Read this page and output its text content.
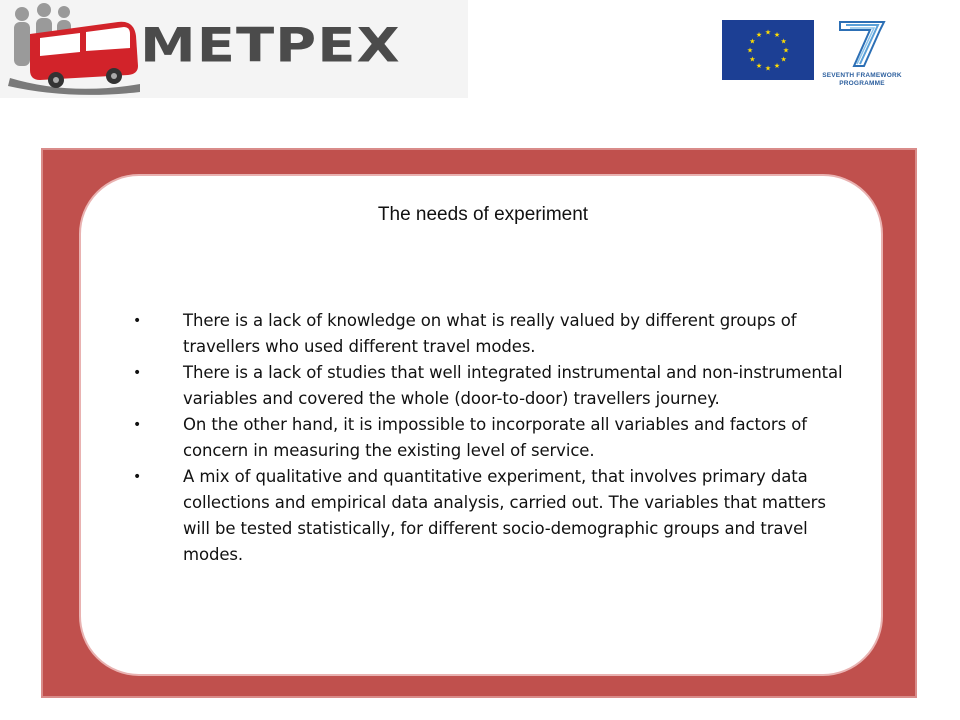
METPEX	★ ★
★
★
★
★
★
★
★
★
★
★
SEVENTH FRAMEWORK
PROGRAMME
The needs of experiment
•	There is a lack of knowledge on what is really valued by different groups of travellers who used different travel modes.
•	There is a lack of studies that well integrated instrumental and non-instrumental variables and covered the whole (door-to-door) travellers journey.
•	On the other hand, it is impossible to incorporate all variables and factors of concern in measuring the existing level of service.
•	A mix of qualitative and quantitative experiment, that involves primary data collections and empirical data analysis, carried out. The variables that matters will be tested statistically, for different socio-demographic groups and travel modes.
